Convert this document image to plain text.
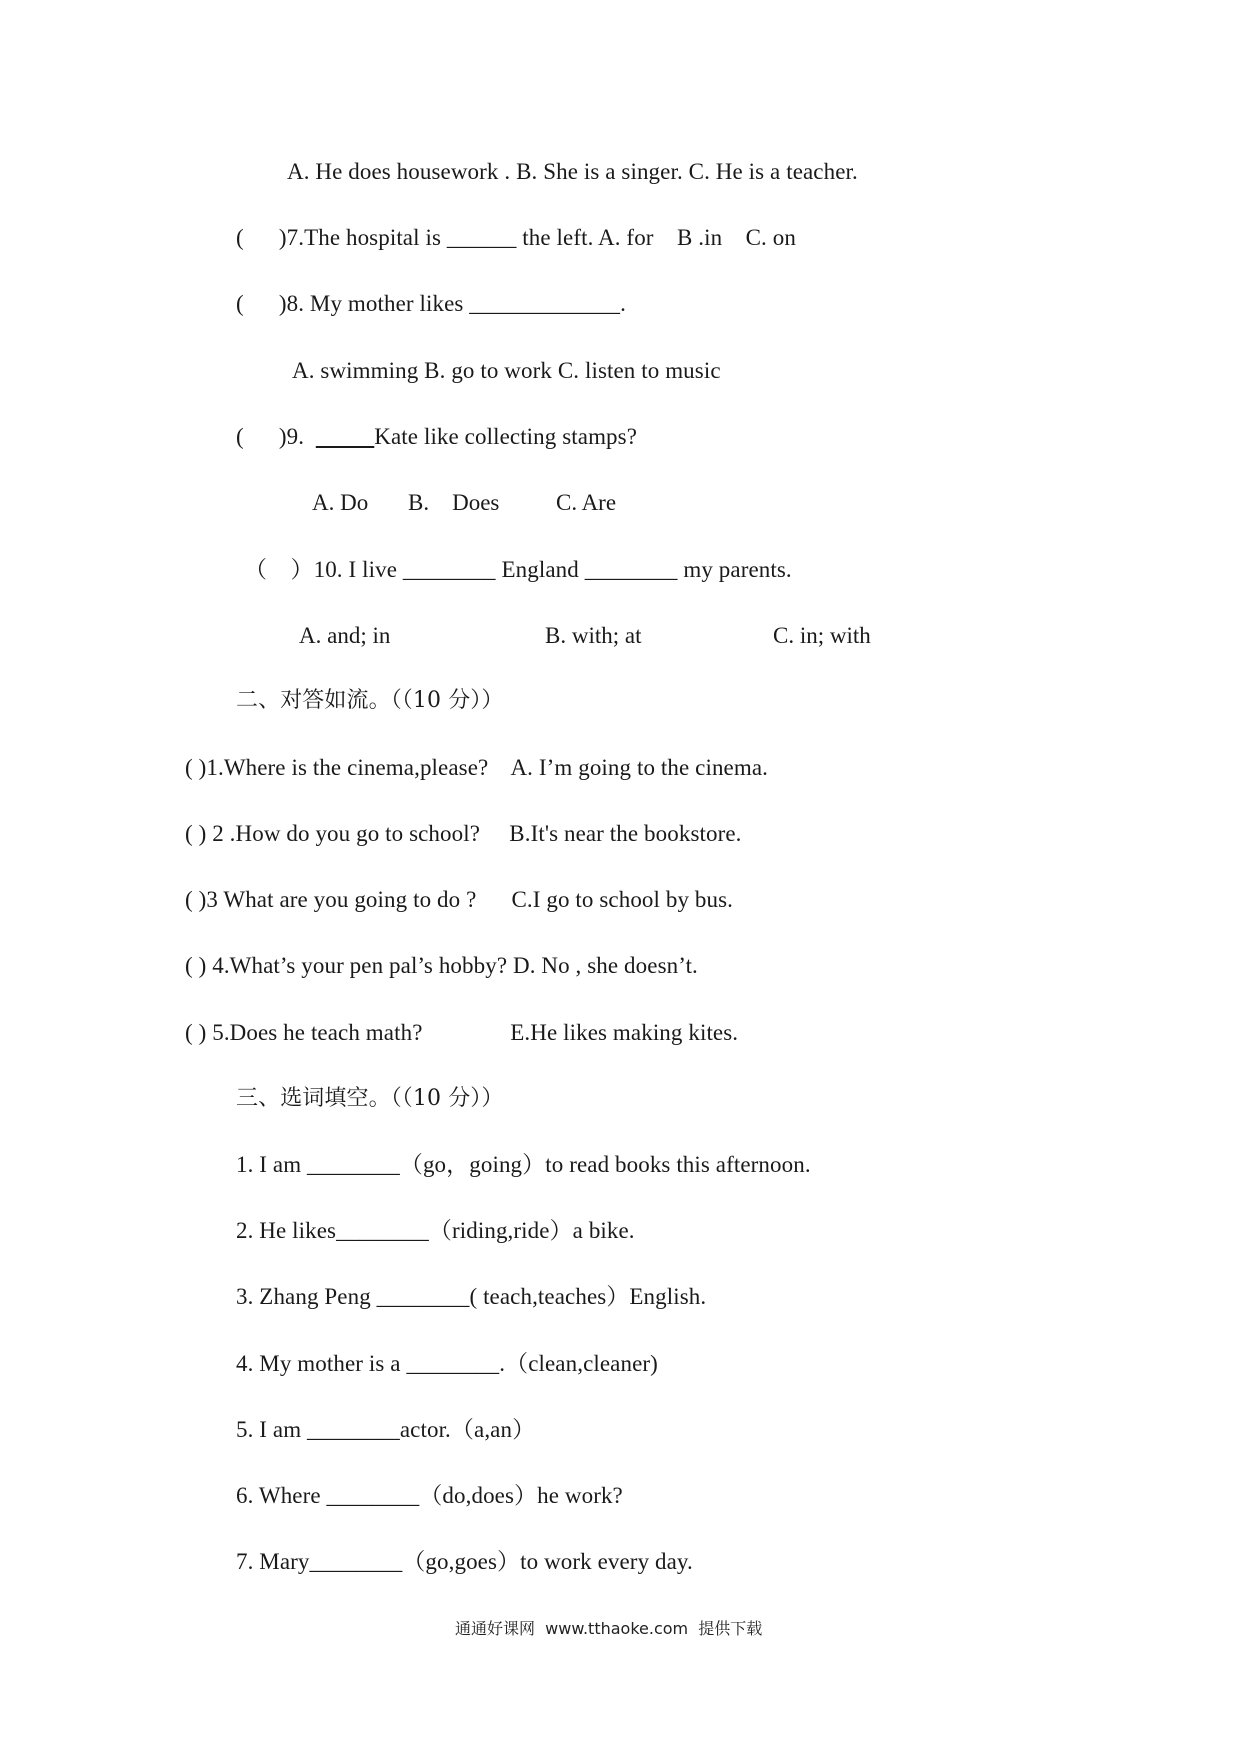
A. He does housework . B. She is a singer. C. He is a teacher.
(      )7.The hospital is ______ the left. A. for    B .in    C. on
(      )8. My mother likes _____________.
A. swimming B. go to work C. listen to music
(      )9.	Kate like collecting stamps?
A. Do B.    Does C. Are
（    ）10. I live ________ England ________ my parents.
A. and; in	B. with; at	C. in; with
二、对答如流。（（10 分））
( )1.Where is the cinema,please?    A. I’m going to the cinema.
( ) 2 .How do you go to school?     B.It's near the bookstore.
( )3 What are you going to do ?      C.I go to school by bus.
( ) 4.What’s your pen pal’s hobby? D. No , she doesn’t.
( ) 5.Does he teach math?               E.He likes making kites.
三、选词填空。（（10 分））
1. I am ________（go，going）to read books this afternoon.
2. He likes________（riding,ride）a bike.
3. Zhang Peng ________( teach,teaches）English.
4. My mother is a ________.（clean,cleaner)
5. I am ________actor.（a,an）
6. Where ________（do,does）he work?
7. Mary________（go,goes）to work every day.
通通好课网  www.tthaoke.com  提供下载
